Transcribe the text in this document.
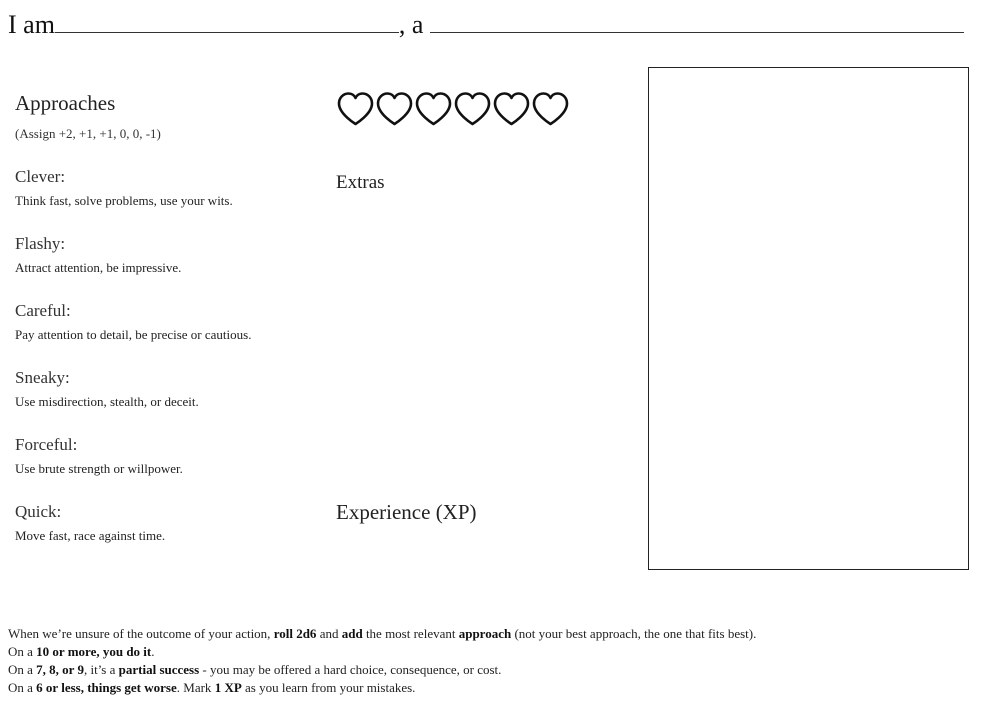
I am	, a
Approaches
(Assign +2, +1, +1, 0, 0, -1)
Clever:
Think fast, solve problems, use your wits.
Flashy:
Attract attention, be impressive.
Careful:
Pay attention to detail, be precise or cautious.
Sneaky:
Use misdirection, stealth, or deceit.
Forceful:
Use brute strength or willpower.
Quick:
Move fast, race against time.
Extras
Experience (XP)
When we’re unsure of the outcome of your action, roll 2d6 and add the most relevant approach (not your best approach, the one that fits best).
On a 10 or more, you do it.
On a 7, 8, or 9, it’s a partial success - you may be offered a hard choice, consequence, or cost.
On a 6 or less, things get worse. Mark 1 XP as you learn from your mistakes.
